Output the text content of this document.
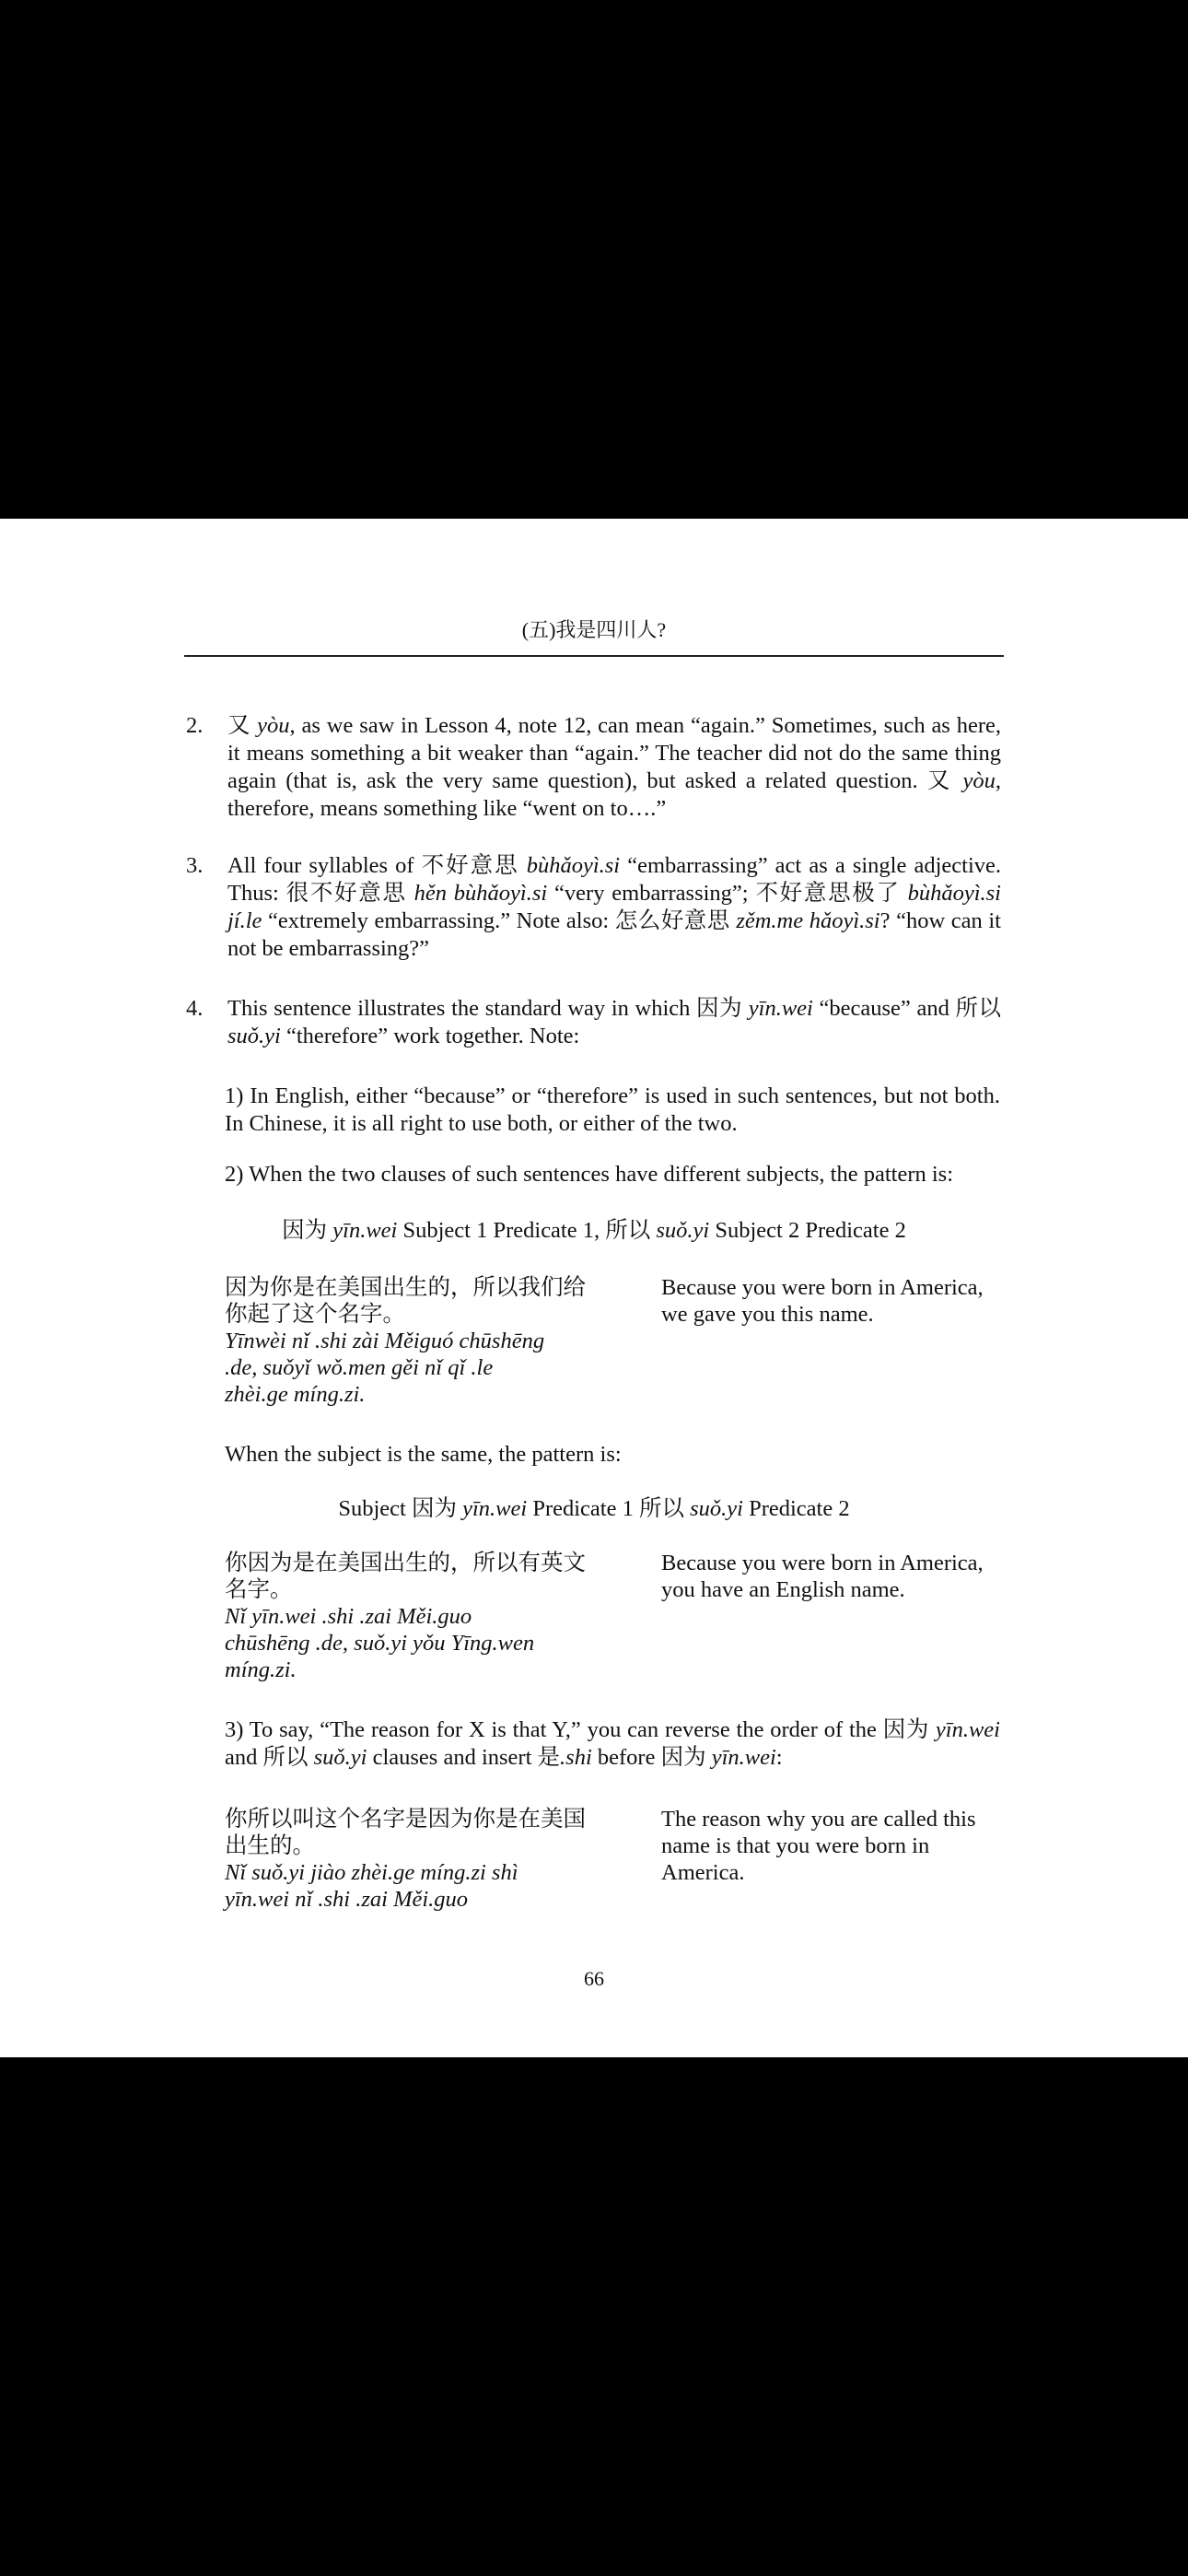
(五)我是四川人?
2. 又 yòu, as we saw in Lesson 4, note 12, can mean “again.” Sometimes, such as here, it means something a bit weaker than “again.” The teacher did not do the same thing again (that is, ask the very same question), but asked a related question. 又 yòu, therefore, means something like “went on to….”
3. All four syllables of 不好意思 bùhǎoyì.si “embarrassing” act as a single adjective. Thus: 很不好意思 hěn bùhǎoyì.si “very embarrassing”; 不好意思极了 bùhǎoyì.si jí.le “extremely embarrassing.” Note also: 怎么好意思 zěm.me hǎoyì.si? “how can it not be embarrassing?”
4. This sentence illustrates the standard way in which 因为 yīn.wei “because” and 所以 suǒ.yi “therefore” work together. Note:
1) In English, either “because” or “therefore” is used in such sentences, but not both. In Chinese, it is all right to use both, or either of the two.
2) When the two clauses of such sentences have different subjects, the pattern is:
因为 yīn.wei Subject 1 Predicate 1, 所以 suǒ.yi Subject 2 Predicate 2
因为你是在美国出生的，所以我们给
你起了这个名字。
Yīnwèi nǐ .shi zài Měiguó chūshēng
.de, suǒyǐ wǒ.men gěi nǐ qǐ .le
zhèi.ge míng.zi.
Because you were born in America,
we gave you this name.
When the subject is the same, the pattern is:
Subject 因为 yīn.wei Predicate 1 所以 suǒ.yi Predicate 2
你因为是在美国出生的，所以有英文
名字。
Nǐ yīn.wei .shi .zai Měi.guo
chūshēng .de, suǒ.yi yǒu Yīng.wen
míng.zi.
Because you were born in America,
you have an English name.
3) To say, “The reason for X is that Y,” you can reverse the order of the 因为 yīn.wei and 所以 suǒ.yi clauses and insert 是.shi before 因为 yīn.wei:
你所以叫这个名字是因为你是在美国
出生的。
Nǐ suǒ.yi jiào zhèi.ge míng.zi shì
yīn.wei nǐ .shi .zai Měi.guo
The reason why you are called this
name is that you were born in
America.
66
